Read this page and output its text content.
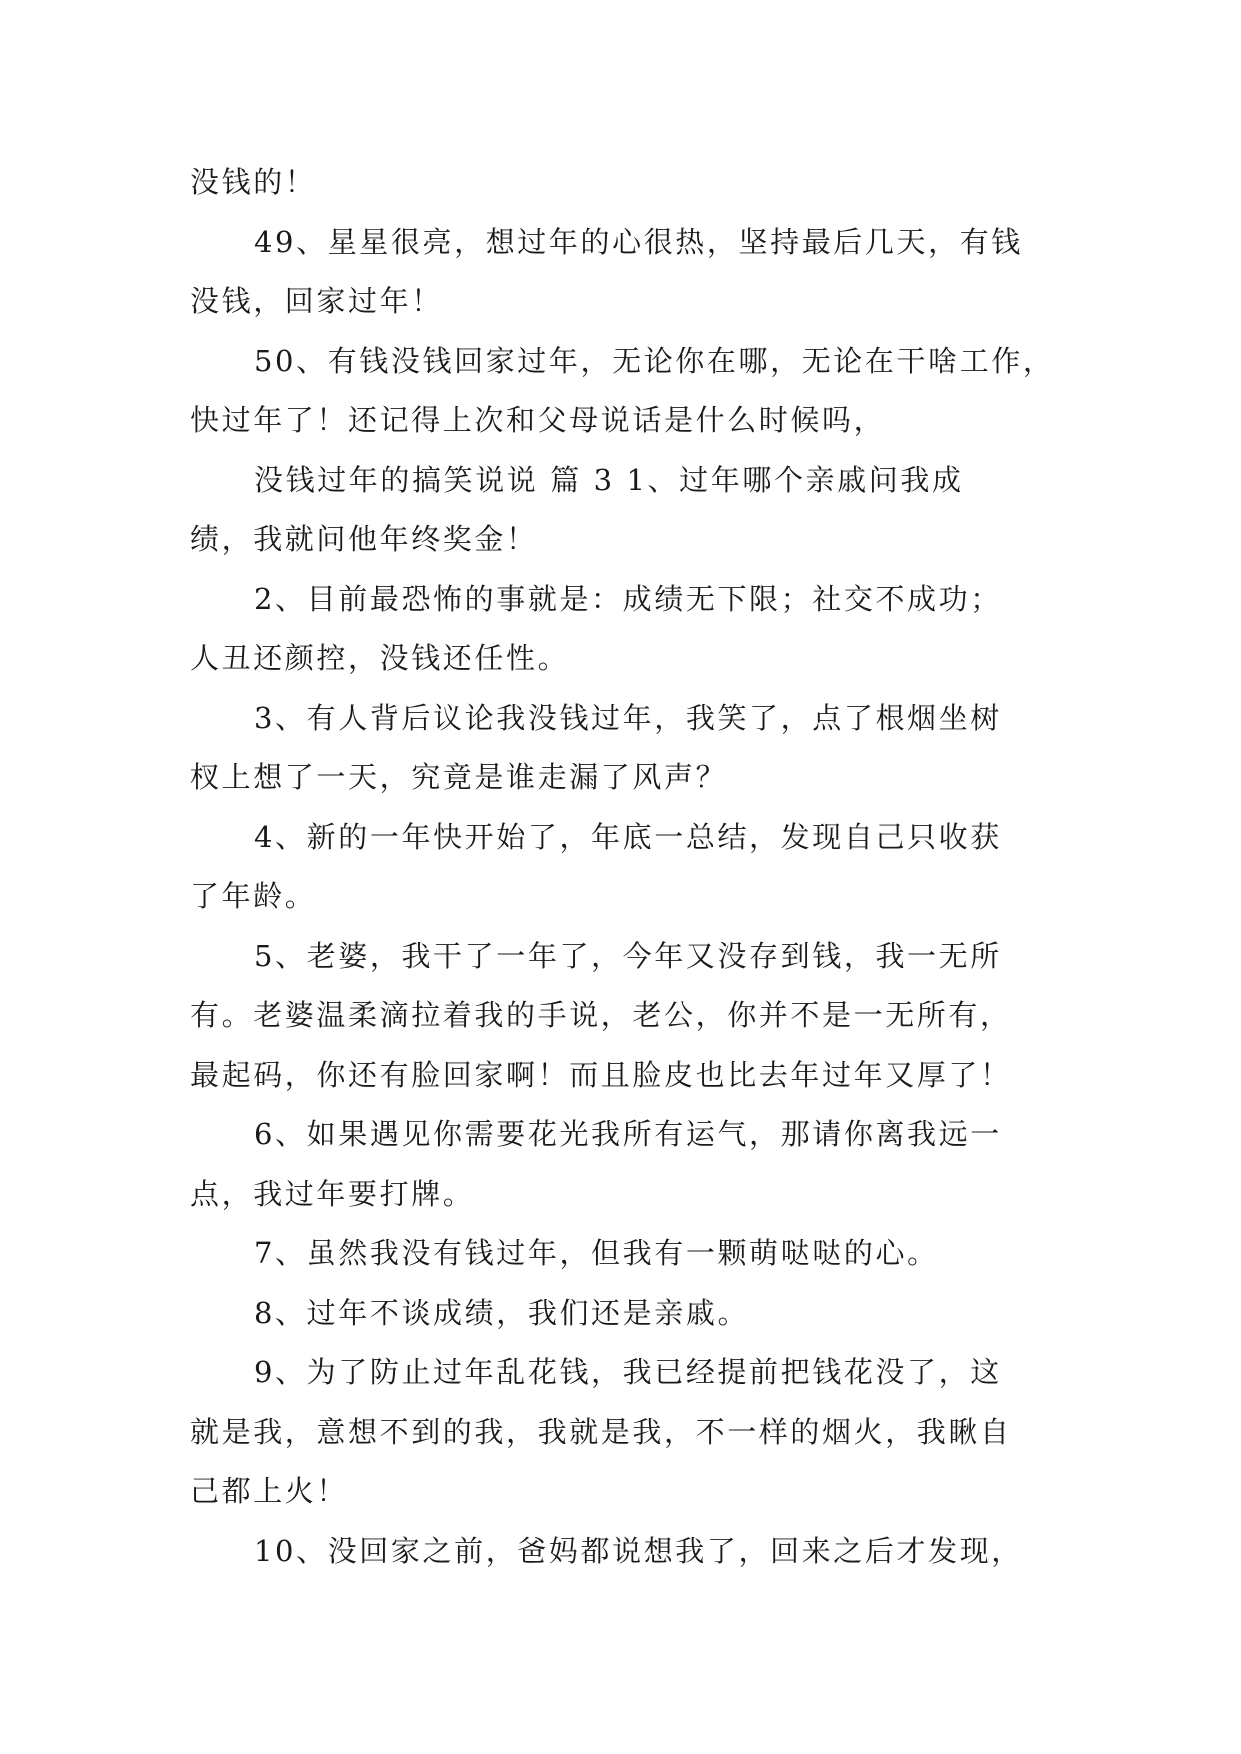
没钱的！
49、星星很亮，想过年的心很热，坚持最后几天，有钱
没钱，回家过年！
50、有钱没钱回家过年，无论你在哪，无论在干啥工作，
快过年了！还记得上次和父母说话是什么时候吗，
没钱过年的搞笑说说 篇 3 1、过年哪个亲戚问我成
绩，我就问他年终奖金！
2、目前最恐怖的事就是：成绩无下限；社交不成功；
人丑还颜控，没钱还任性。
3、有人背后议论我没钱过年，我笑了，点了根烟坐树
杈上想了一天，究竟是谁走漏了风声？
4、新的一年快开始了，年底一总结，发现自己只收获
了年龄。
5、老婆，我干了一年了，今年又没存到钱，我一无所
有。老婆温柔滴拉着我的手说，老公，你并不是一无所有，
最起码，你还有脸回家啊！而且脸皮也比去年过年又厚了！
6、如果遇见你需要花光我所有运气，那请你离我远一
点，我过年要打牌。
7、虽然我没有钱过年，但我有一颗萌哒哒的心。
8、过年不谈成绩，我们还是亲戚。
9、为了防止过年乱花钱，我已经提前把钱花没了，这
就是我，意想不到的我，我就是我，不一样的烟火，我瞅自
己都上火！
10、没回家之前，爸妈都说想我了，回来之后才发现，
